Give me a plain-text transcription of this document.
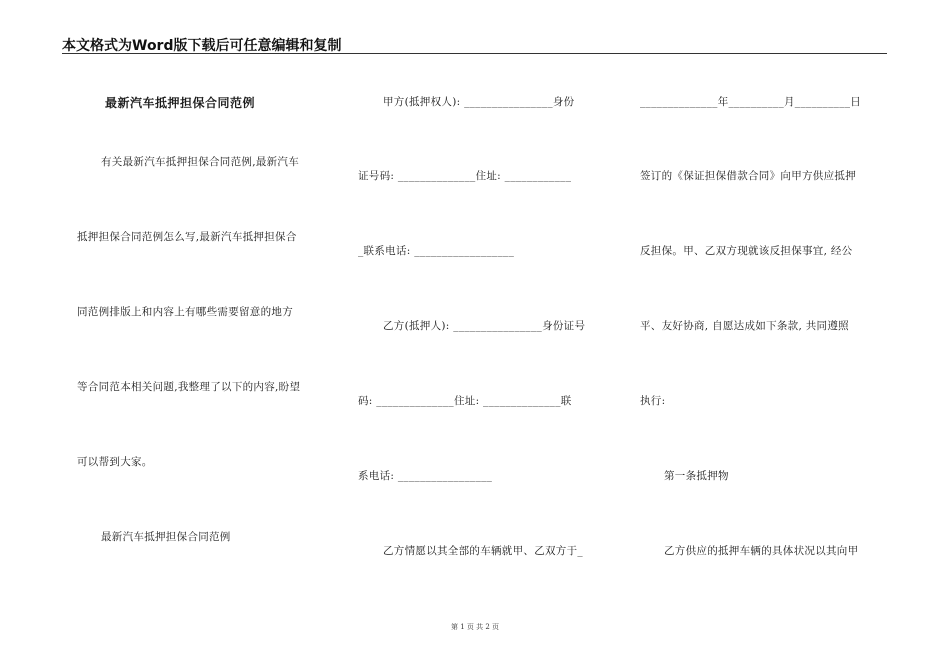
本文格式为Word版下载后可任意编辑和复制
最新汽车抵押担保合同范例
有关最新汽车抵押担保合同范例,最新汽车
抵押担保合同范例怎么写,最新汽车抵押担保合
同范例排版上和内容上有哪些需要留意的地方
等合同范本相关问题,我整理了以下的内容,盼望
可以帮到大家。
最新汽车抵押担保合同范例
甲方(抵押权人): ________________身份
证号码: ______________住址: ____________
_联系电话: __________________
乙方(抵押人): ________________身份证号
码: ______________住址: ______________联
系电话: _________________
乙方情愿以其全部的车辆就甲、乙双方于_
______________年__________月__________日
签订的《保证担保借款合同》向甲方供应抵押
反担保。甲、乙双方现就该反担保事宜, 经公
平、友好协商, 自愿达成如下条款, 共同遵照
执行:
第一条抵押物
乙方供应的抵押车辆的具体状况以其向甲
第 1 页 共 2 页
